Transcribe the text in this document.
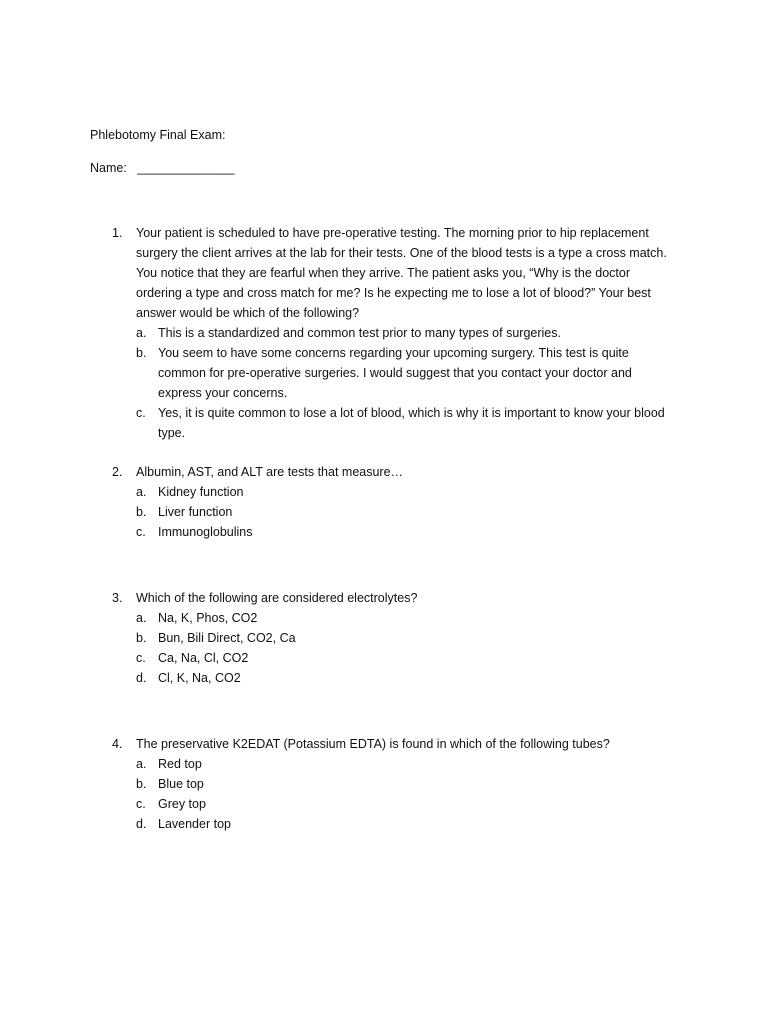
Phlebotomy Final Exam:
Name:   ______________
1.	Your patient is scheduled to have pre-operative testing. The morning prior to hip replacement surgery the client arrives at the lab for their tests. One of the blood tests is a type a cross match. You notice that they are fearful when they arrive. The patient asks you, “Why is the doctor ordering a type and cross match for me? Is he expecting me to lose a lot of blood?” Your best answer would be which of the following?
a. This is a standardized and common test prior to many types of surgeries.
b. You seem to have some concerns regarding your upcoming surgery. This test is quite common for pre-operative surgeries. I would suggest that you contact your doctor and express your concerns.
c. Yes, it is quite common to lose a lot of blood, which is why it is important to know your blood type.
2.	Albumin, AST, and ALT are tests that measure…
a. Kidney function
b. Liver function
c. Immunoglobulins
3.	Which of the following are considered electrolytes?
a. Na, K, Phos, CO2
b. Bun, Bili Direct, CO2, Ca
c. Ca, Na, Cl, CO2
d. Cl, K, Na, CO2
4.	The preservative K2EDAT (Potassium EDTA) is found in which of the following tubes?
a. Red top
b. Blue top
c. Grey top
d. Lavender top
